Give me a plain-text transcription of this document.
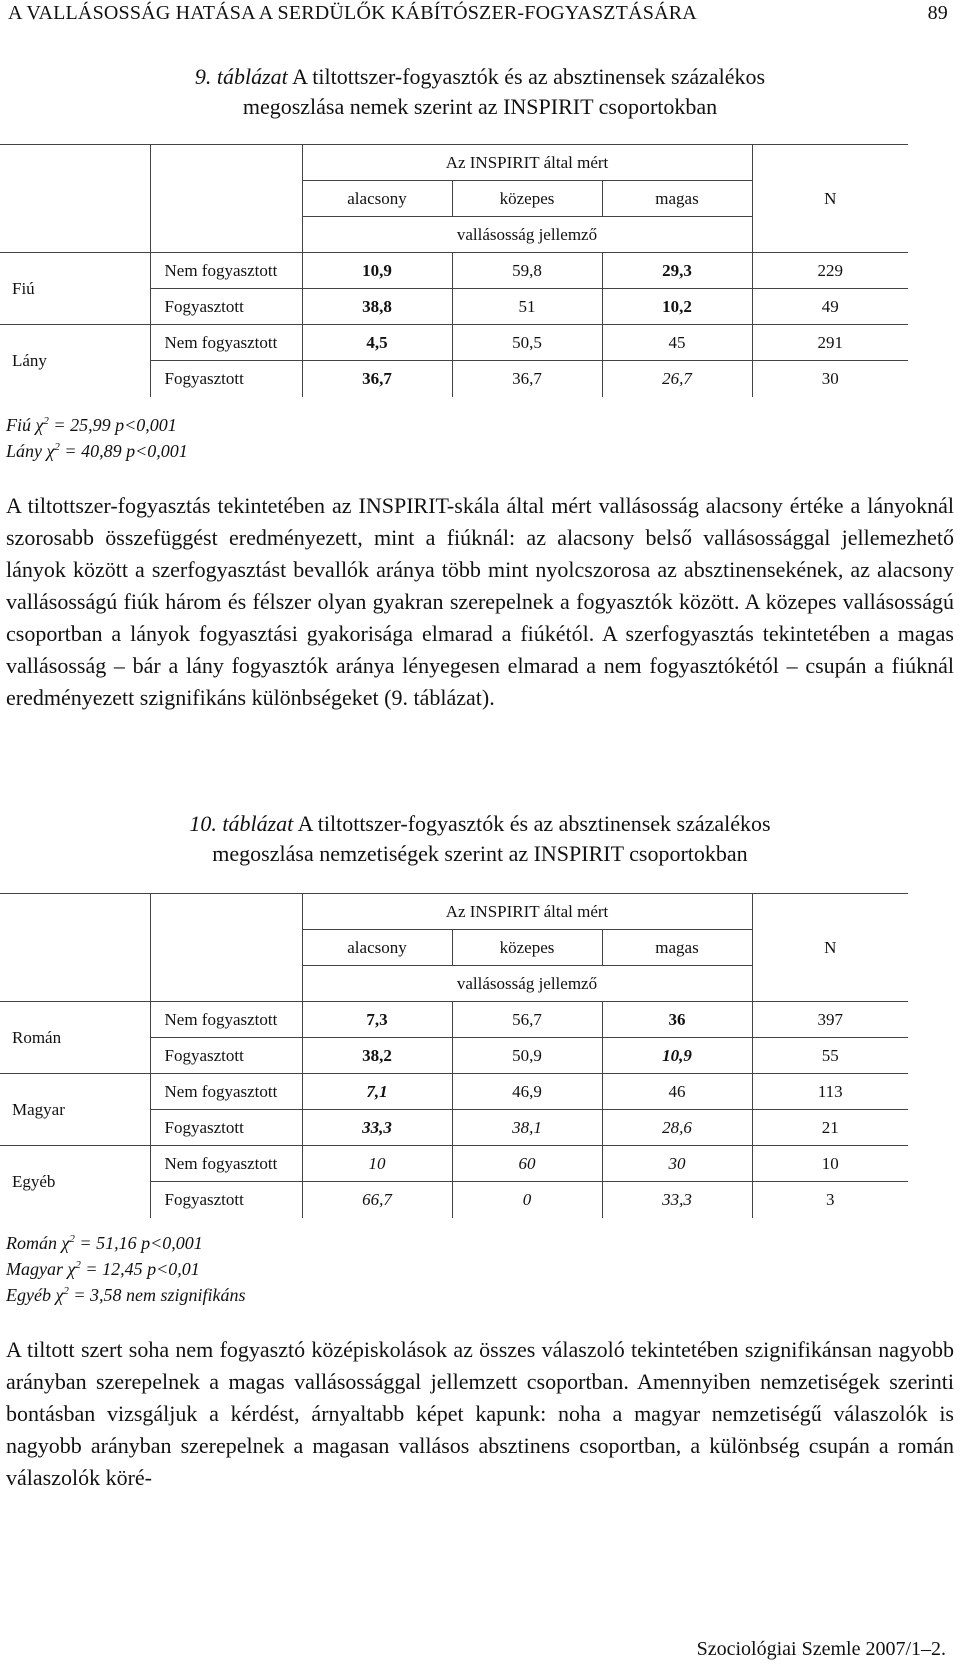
A VALLÁSOSSÁG HATÁSA A SERDÜLŐK KÁBÍTÓSZER-FOGYASZTÁSÁRA	89
9. táblázat A tiltottszer-fogyasztók és az absztinensek százalékos
megoszlása nemek szerint az INSPIRIT csoportokban
		Az INSPIRIT által mért			N
		alacsony	közepes	magas	
		vallásosság jellemző			
Fiú	Nem fogyasztott	10,9	59,8	29,3	229
	Fogyasztott	38,8	51	10,2	49
Lány	Nem fogyasztott	4,5	50,5	45	291
	Fogyasztott	36,7	36,7	26,7	30
Fiú $\chi^2 = 25,99$ p<0,001
Lány $\chi^2 = 40,89$ p<0,001
A tiltottszer-fogyasztás tekintetében az INSPIRIT-skála által mért vallásosság alacsony értéke a lányoknál szorosabb összefüggést eredményezett, mint a fiúknál: az alacsony belső vallásossággal jellemezhető lányok között a szerfogyasztást bevallók aránya több mint nyolcszorosa az absztinensekének, az alacsony vallásosságú fiúk három és félszer olyan gyakran szerepelnek a fogyasztók között. A közepes vallásosságú csoportban a lányok fogyasztási gyakorisága elmarad a fiúkétól. A szerfogyasztás tekintetében a magas vallásosság – bár a lány fogyasztók aránya lényegesen elmarad a nem fogyasztókétól – csupán a fiúknál eredményezett szignifikáns különbségeket (9. táblázat).
10. táblázat A tiltottszer-fogyasztók és az absztinensek százalékos
megoszlása nemzetiségek szerint az INSPIRIT csoportokban
		Az INSPIRIT által mért			N
		alacsony	közepes	magas	
		vallásosság jellemző			
Román	Nem fogyasztott	7,3	56,7	36	397
	Fogyasztott	38,2	50,9	10,9	55
Magyar	Nem fogyasztott	7,1	46,9	46	113
	Fogyasztott	33,3	38,1	28,6	21
Egyéb	Nem fogyasztott	10	60	30	10
	Fogyasztott	66,7	0	33,3	3
Román $\chi^2 = 51,16$ p<0,001
Magyar $\chi^2 = 12,45$ p<0,01
Egyéb $\chi^2 = 3,58$ nem szignifikáns
A tiltott szert soha nem fogyasztó középiskolások az összes válaszoló tekintetében szignifikánsan nagyobb arányban szerepelnek a magas vallásossággal jellemzett csoportban. Amennyiben nemzetiségek szerinti bontásban vizsgáljuk a kérdést, árnyaltabb képet kapunk: noha a magyar nemzetiségű válaszolók is nagyobb arányban szerepelnek a magasan vallásos absztinens csoportban, a különbség csupán a román válaszolók köré-
Szociológiai Szemle 2007/1–2.
